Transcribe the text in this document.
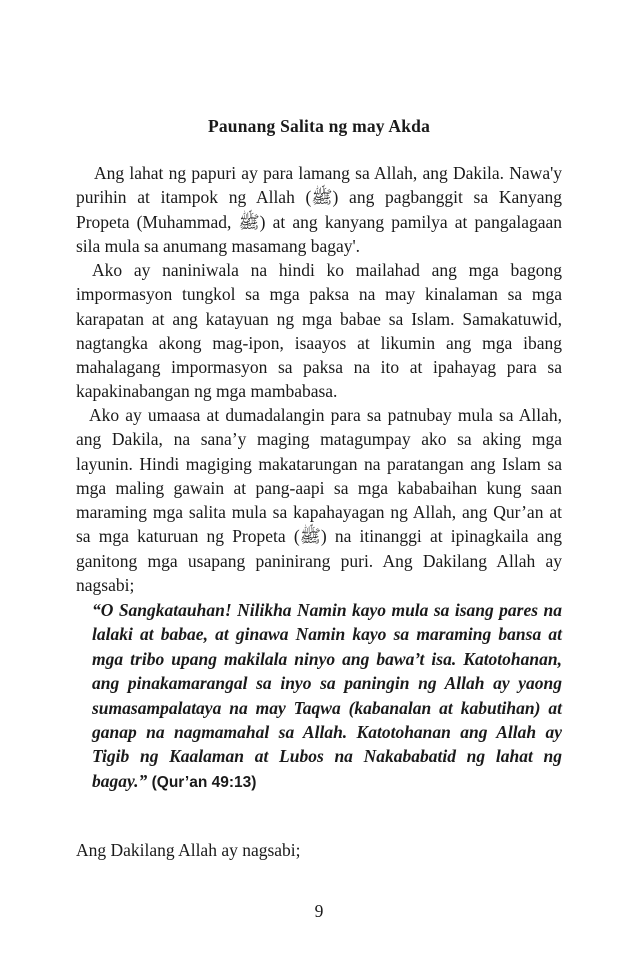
Paunang Salita ng may Akda

Ang lahat ng papuri ay para lamang sa Allah, ang Dakila. Nawa'y purihin at itampok ng Allah (ﷺ) ang pagbanggit sa Kanyang Propeta (Muhammad, ﷺ) at ang kanyang pamilya at pangalagaan sila mula sa anumang masamang bagay'.

Ako ay naniniwala na hindi ko mailahad ang mga bagong impormasyon tungkol sa mga paksa na may kinalaman sa mga karapatan at ang katayuan ng mga babae sa Islam. Samakatuwid, nagtangka akong mag-ipon, isaayos at likumin ang mga ibang mahalagang impormasyon sa paksa na ito at ipahayag para sa kapakinabangan ng mga mambabasa.

Ako ay umaasa at dumadalangin para sa patnubay mula sa Allah, ang Dakila, na sana’y maging matagumpay ako sa aking mga layunin. Hindi magiging makatarungan na paratangan ang Islam sa mga maling gawain at pang-aapi sa mga kababaihan kung saan maraming mga salita mula sa kapahayagan ng Allah, ang Qur’an at sa mga katuruan ng Propeta (ﷺ) na itinanggi at ipinagkaila ang ganitong mga usapang paninirang puri. Ang Dakilang Allah ay nagsabi;

“O Sangkatauhan! Nilikha Namin kayo mula sa isang pares na lalaki at babae, at ginawa Namin kayo sa maraming bansa at mga tribo upang makilala ninyo ang bawa’t isa. Katotohanan, ang pinakamarangal sa inyo sa paningin ng Allah ay yaong sumasampalataya na may Taqwa (kabanalan at kabutihan) at ganap na nagmamahal sa Allah. Katotohanan ang Allah ay Tigib ng Kaalaman at Lubos na Nakababatid ng lahat ng bagay.” (Qur’an 49:13)

Ang Dakilang Allah ay nagsabi;

9
